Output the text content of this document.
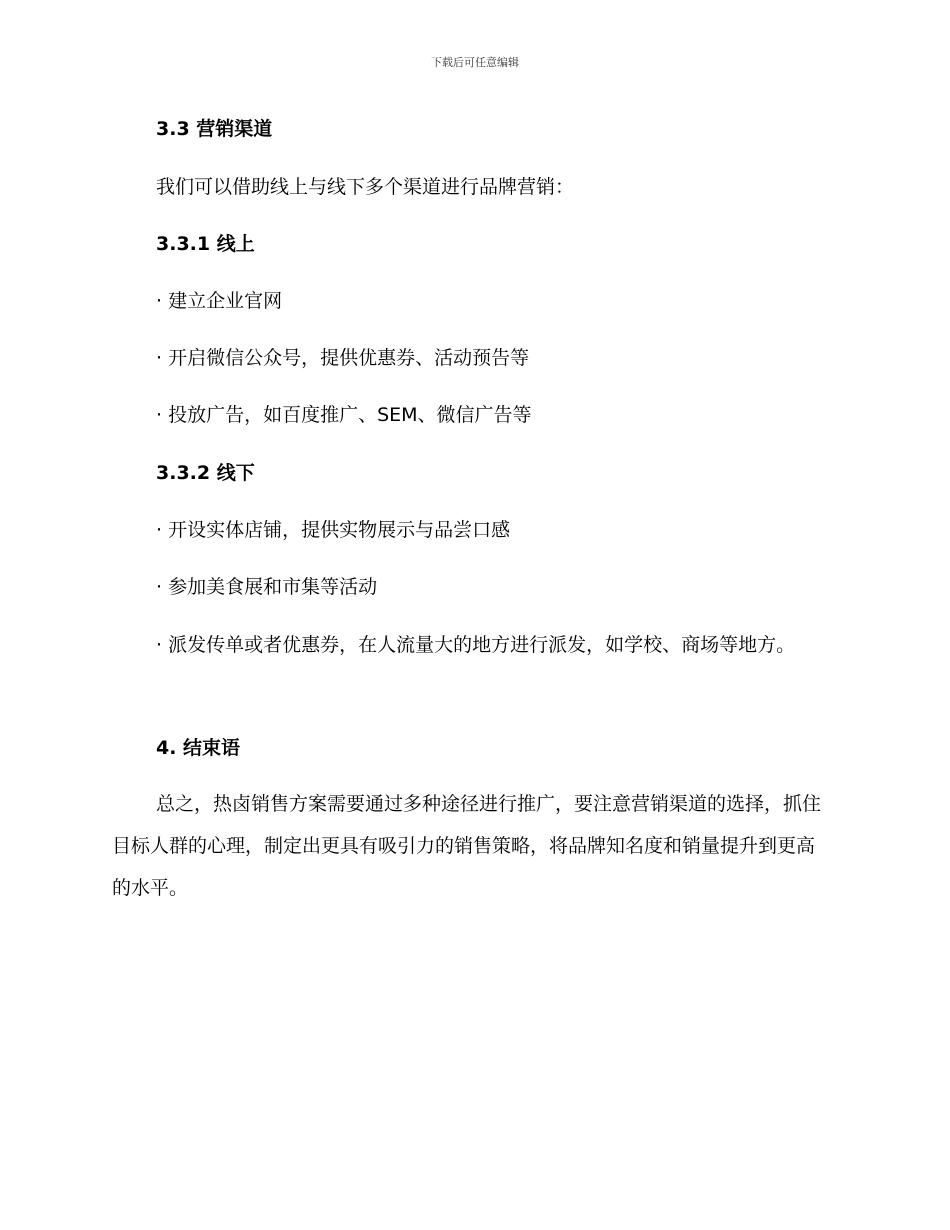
下载后可任意编辑
3.3 营销渠道
我们可以借助线上与线下多个渠道进行品牌营销：
3.3.1 线上
· 建立企业官网
· 开启微信公众号，提供优惠券、活动预告等
· 投放广告，如百度推广、SEM、微信广告等
3.3.2 线下
· 开设实体店铺，提供实物展示与品尝口感
· 参加美食展和市集等活动
· 派发传单或者优惠券，在人流量大的地方进行派发，如学校、商场等地方。
4. 结束语
总之，热卤销售方案需要通过多种途径进行推广，要注意营销渠道的选择，抓住目标人群的心理，制定出更具有吸引力的销售策略，将品牌知名度和销量提升到更高的水平。
